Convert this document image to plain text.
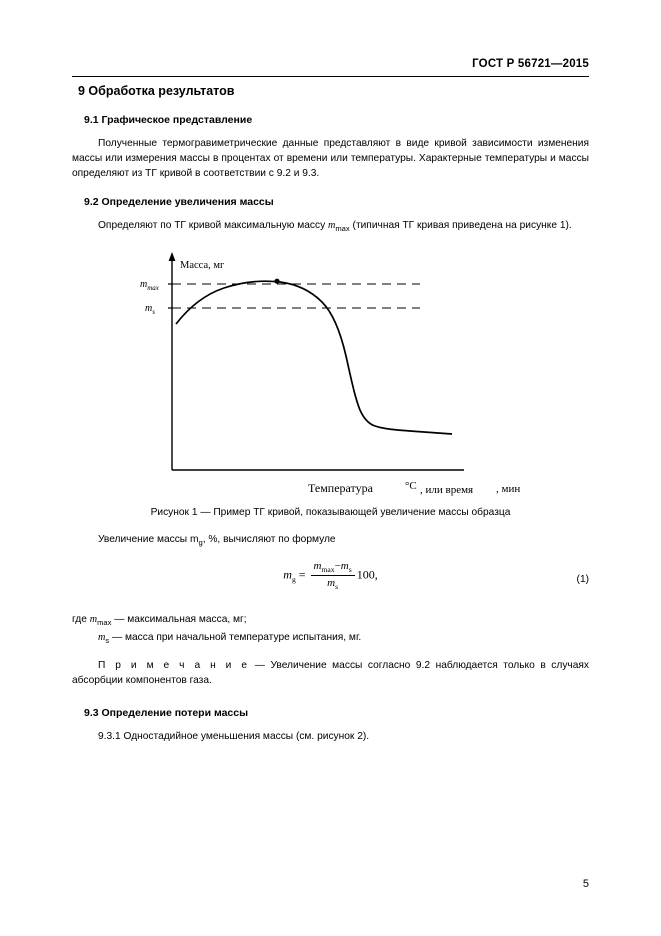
ГОСТ Р 56721—2015
9 Обработка результатов
9.1 Графическое представление

Полученные термогравиметрические данные представляют в виде кривой зависимости изменения массы или измерения массы в процентах от времени или температуры. Характерные температуры и массы определяют из ТГ кривой в соответствии с 9.2 и 9.3.

9.2 Определение увеличения массы

Определяют по ТГ кривой максимальную массу $m_{max}$ (типичная ТГ кривая приведена на рисунке 1).

Масса, мг
mmax
ms
Температура	°C , или время , мин

Рисунок 1 — Пример ТГ кривой, показывающей увеличение массы образца

Увеличение массы $m_g$, %, вычисляют по формуле

$m_g = \frac{m_{max}-m_s}{m_s} 100$,	(1)

где $m_{max}$ — максимальная масса, мг;

$m_s$ — масса при начальной температуре испытания, мг.

П р и м е ч а н и е — Увеличение массы согласно 9.2 наблюдается только в случаях абсорбции компонентов газа.

9.3 Определение потери массы

9.3.1 Одностадийное уменьшения массы (см. рисунок 2).

5
